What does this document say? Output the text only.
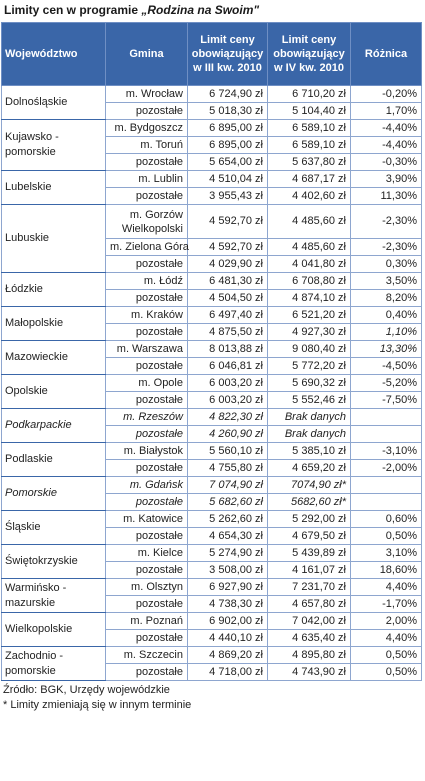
Limity cen w programie „Rodzina na Swoim"
Województwo	Gmina	Limit ceny obowiązujący w III kw. 2010	Limit ceny obowiązujący w IV kw. 2010	Różnica
Dolnośląskie	m. Wrocław	6 724,90 zł	6 710,20 zł	-0,20%
	pozostałe	5 018,30 zł	5 104,40 zł	1,70%
Kujawsko - pomorskie	m. Bydgoszcz	6 895,00 zł	6 589,10 zł	-4,40%
	m. Toruń	6 895,00 zł	6 589,10 zł	-4,40%
	pozostałe	5 654,00 zł	5 637,80 zł	-0,30%
Lubelskie	m. Lublin	4 510,04 zł	4 687,17 zł	3,90%
	pozostałe	3 955,43 zł	4 402,60 zł	11,30%
Lubuskie	m. Gorzów Wielkopolski	4 592,70 zł	4 485,60 zł	-2,30%
	m. Zielona Góra	4 592,70 zł	4 485,60 zł	-2,30%
	pozostałe	4 029,90 zł	4 041,80 zł	0,30%
Łódzkie	m. Łódź	6 481,30 zł	6 708,80 zł	3,50%
	pozostałe	4 504,50 zł	4 874,10 zł	8,20%
Małopolskie	m. Kraków	6 497,40 zł	6 521,20 zł	0,40%
	pozostałe	4 875,50 zł	4 927,30 zł	1,10%
Mazowieckie	m. Warszawa	8 013,88 zł	9 080,40 zł	13,30%
	pozostałe	6 046,81 zł	5 772,20 zł	-4,50%
Opolskie	m. Opole	6 003,20 zł	5 690,32 zł	-5,20%
	pozostałe	6 003,20 zł	5 552,46 zł	-7,50%
Podkarpackie	m. Rzeszów	4 822,30 zł	Brak danych	
	pozostałe	4 260,90 zł	Brak danych	
Podlaskie	m. Białystok	5 560,10 zł	5 385,10 zł	-3,10%
	pozostałe	4 755,80 zł	4 659,20 zł	-2,00%
Pomorskie	m. Gdańsk	7 074,90 zł	7074,90 zł*	
	pozostałe	5 682,60 zł	5682,60 zł*	
Śląskie	m. Katowice	5 262,60 zł	5 292,00 zł	0,60%
	pozostałe	4 654,30 zł	4 679,50 zł	0,50%
Świętokrzyskie	m. Kielce	5 274,90 zł	5 439,89 zł	3,10%
	pozostałe	3 508,00 zł	4 161,07 zł	18,60%
Warmińsko - mazurskie	m. Olsztyn	6 927,90 zł	7 231,70 zł	4,40%
	pozostałe	4 738,30 zł	4 657,80 zł	-1,70%
Wielkopolskie	m. Poznań	6 902,00 zł	7 042,00 zł	2,00%
	pozostałe	4 440,10 zł	4 635,40 zł	4,40%
Zachodnio - pomorskie	m. Szczecin	4 869,20 zł	4 895,80 zł	0,50%
	pozostałe	4 718,00 zł	4 743,90 zł	0,50%
Źródło: BGK, Urzędy wojewódzkie
* Limity zmieniają się w innym terminie
